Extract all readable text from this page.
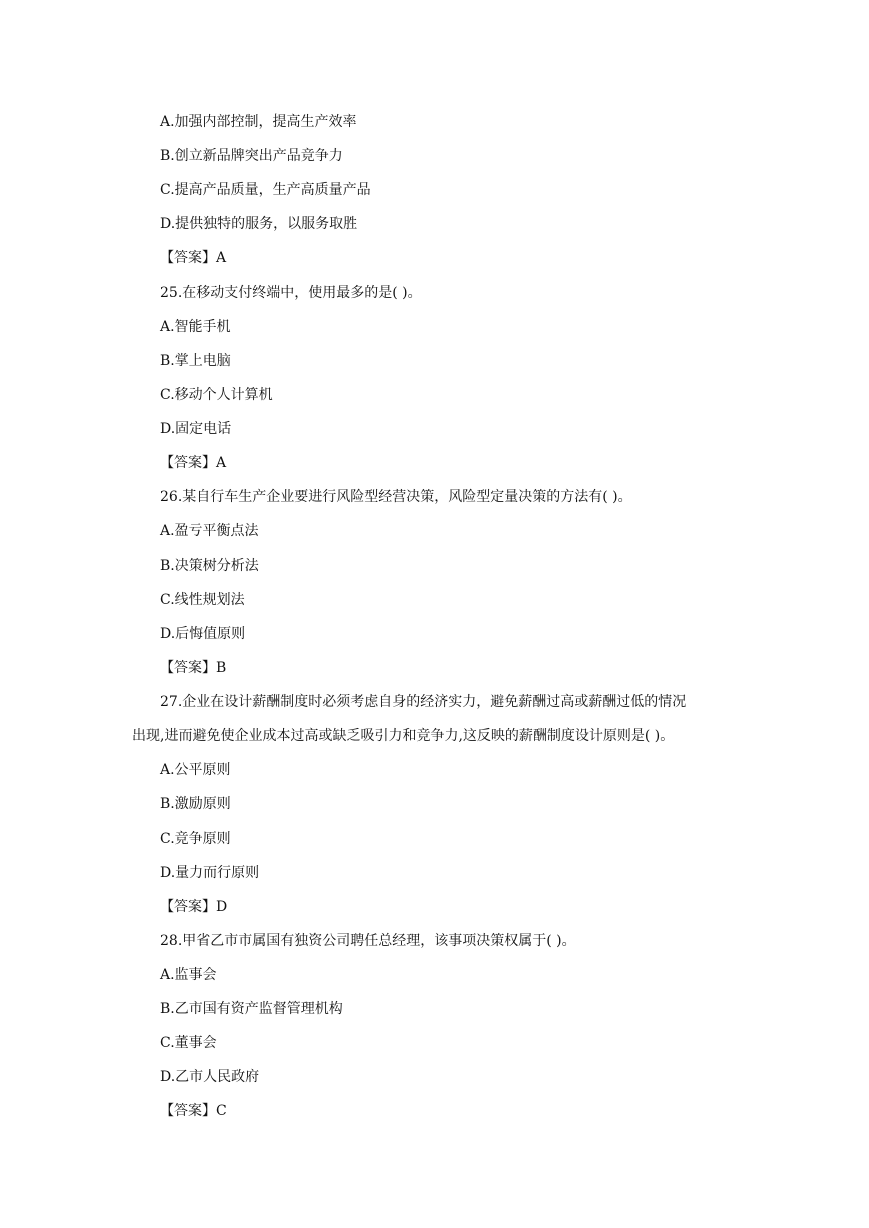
A.加强内部控制，提高生产效率
B.创立新品牌突出产品竞争力
C.提高产品质量，生产高质量产品
D.提供独特的服务，以服务取胜
【答案】A
25.在移动支付终端中，使用最多的是( )。
A.智能手机
B.掌上电脑
C.移动个人计算机
D.固定电话
【答案】A
26.某自行车生产企业要进行风险型经营决策，风险型定量决策的方法有( )。
A.盈亏平衡点法
B.决策树分析法
C.线性规划法
D.后悔值原则
【答案】B
27.企业在设计薪酬制度时必须考虑自身的经济实力，避免薪酬过高或薪酬过低的情况
出现,进而避免使企业成本过高或缺乏吸引力和竞争力,这反映的薪酬制度设计原则是( )。
A.公平原则
B.激励原则
C.竞争原则
D.量力而行原则
【答案】D
28.甲省乙市市属国有独资公司聘任总经理，该事项决策权属于( )。
A.监事会
B.乙市国有资产监督管理机构
C.董事会
D.乙市人民政府
【答案】C
